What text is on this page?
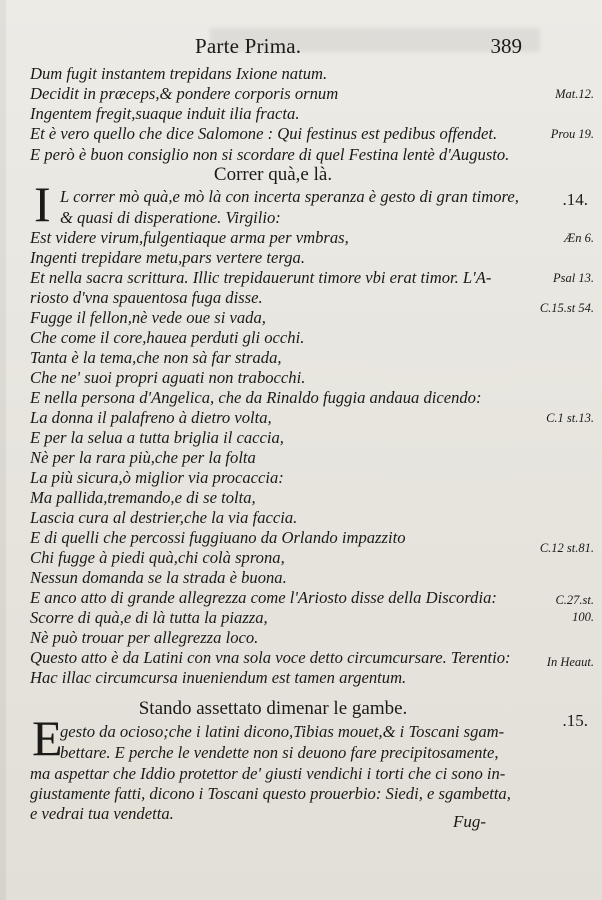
Parte Prima.	389
Dum fugit instantem trepidans Ixione natum.
Decidit in præceps,& pondere corporis ornum
Ingentem fregit,suaque induit ilia fracta.
Et è vero quello che dice Salomone : Qui festinus est pedibus offendet.
E però è buon consiglio non si scordare di quel Festina lentè d'Augusto.
L correr mò quà,e mò là con incerta speranza è gesto di gran timore,
& quasi di disperatione. Virgilio:
Est videre virum,fulgentiaque arma per vmbras,
Ingenti trepidare metu,pars vertere terga.
Et nella sacra scrittura. Illic trepidauerunt timore vbi erat timor. L'A-
riosto d'vna spauentosa fuga disse.
Fugge il fellon,nè vede oue si vada,
Che come il core,hauea perduti gli occhi.
Tanta è la tema,che non sà far strada,
Che ne' suoi propri aguati non trabocchi.
E nella persona d'Angelica, che da Rinaldo fuggia andaua dicendo:
La donna il palafreno à dietro volta,
E per la selua a tutta briglia il caccia,
Nè per la rara più,che per la folta
La più sicura,ò miglior via procaccia:
Ma pallida,tremando,e di se tolta,
Lascia cura al destrier,che la via faccia.
E di quelli che percossi fuggiuano da Orlando impazzito
Chi fugge à piedi quà,chi colà sprona,
Nessun domanda se la strada è buona.
E anco atto di grande allegrezza come l'Ariosto disse della Discordia:
Scorre di quà,e di là tutta la piazza,
Nè può trouar per allegrezza loco.
Questo atto è da Latini con vna sola voce detto circumcursare. Terentio:
Hac illac circumcursa inueniendum est tamen argentum.
gesto da ocioso;che i latini dicono,Tibias mouet,& i Toscani sgam-
bettare. E perche le vendette non si deuono fare precipitosamente,
ma aspettar che Iddio protettor de' giusti vendichi i torti che ci sono in-
giustamente fatti, dicono i Toscani questo prouerbio: Siedi, e sgambetta,
e vedrai tua vendetta.
Correr quà,e là.
Standο assettato dimenar le gambe.
I
E
Mat.12.
Prou 19.
.14.
Æn 6.
Psal 13.
C.15.st 54.
C.1 st.13.
C.12 st.81.
C.27.st.
100.
In Heaut.
.15.
Fug-
